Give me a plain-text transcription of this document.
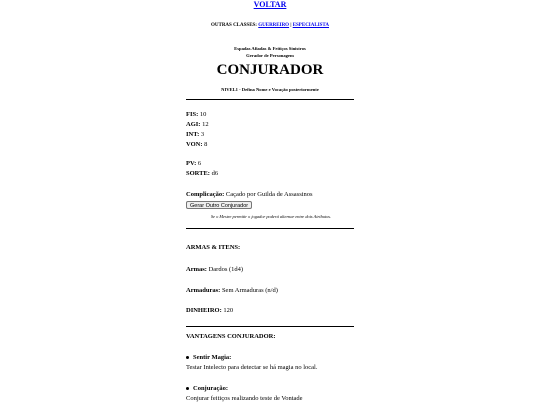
VOLTAR
OUTRAS CLASSES: GUERREIRO | ESPECIALISTA
Espadas Afiadas & Feitiços Sinistros
Gerador de Personagem
CONJURADOR
NIVEL1 - Defina Nome e Vocação posteriormente
FIS: 10
AGI: 12
INT: 3
VON: 8
PV: 6
SORTE: d6
Complicação: Caçado por Guilda de Assassinos
Gerar Outro Conjurador
Se o Mestre permitir o jogador poderá alternar entre dois Atributos.
ARMAS & ITENS:
Armas: Dardos (1d4)
Armaduras: Sem Armaduras (n/d)
DINHEIRO: 120
VANTAGENS CONJURADOR:
Sentir Magia:
Testar Intelecto para detectar se há magia no local.
Conjuração:
Conjurar feitiços realizando teste de Vontade
